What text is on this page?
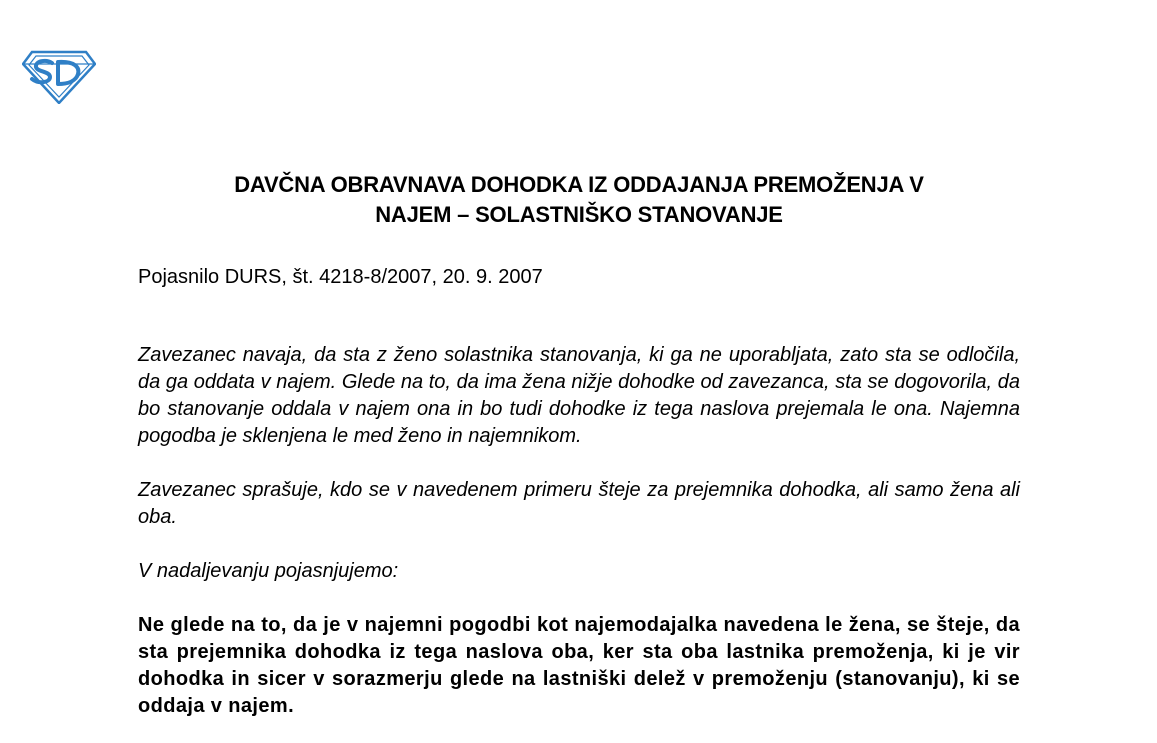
DAVČNA OBRAVNAVA DOHODKA IZ ODDAJANJA PREMOŽENJA V
NAJEM – SOLASTNIŠKO STANOVANJE

Pojasnilo DURS, št. 4218-8/2007, 20. 9. 2007

Zavezanec navaja, da sta z ženo solastnika stanovanja, ki ga ne uporabljata, zato sta se odločila, da ga oddata v najem. Glede na to, da ima žena nižje dohodke od zavezanca, sta se dogovorila, da bo stanovanje oddala v najem ona in bo tudi dohodke iz tega naslova prejemala le ona. Najemna pogodba je sklenjena le med ženo in najemnikom.

Zavezanec sprašuje, kdo se v navedenem primeru šteje za prejemnika dohodka, ali samo žena ali oba.

V nadaljevanju pojasnjujemo:

Ne glede na to, da je v najemni pogodbi kot najemodajalka navedena le žena, se šteje, da sta prejemnika dohodka iz tega naslova oba, ker sta oba lastnika premoženja, ki je vir dohodka in sicer v sorazmerju glede na lastniški delež v premoženju (stanovanju), ki se oddaja v najem.
